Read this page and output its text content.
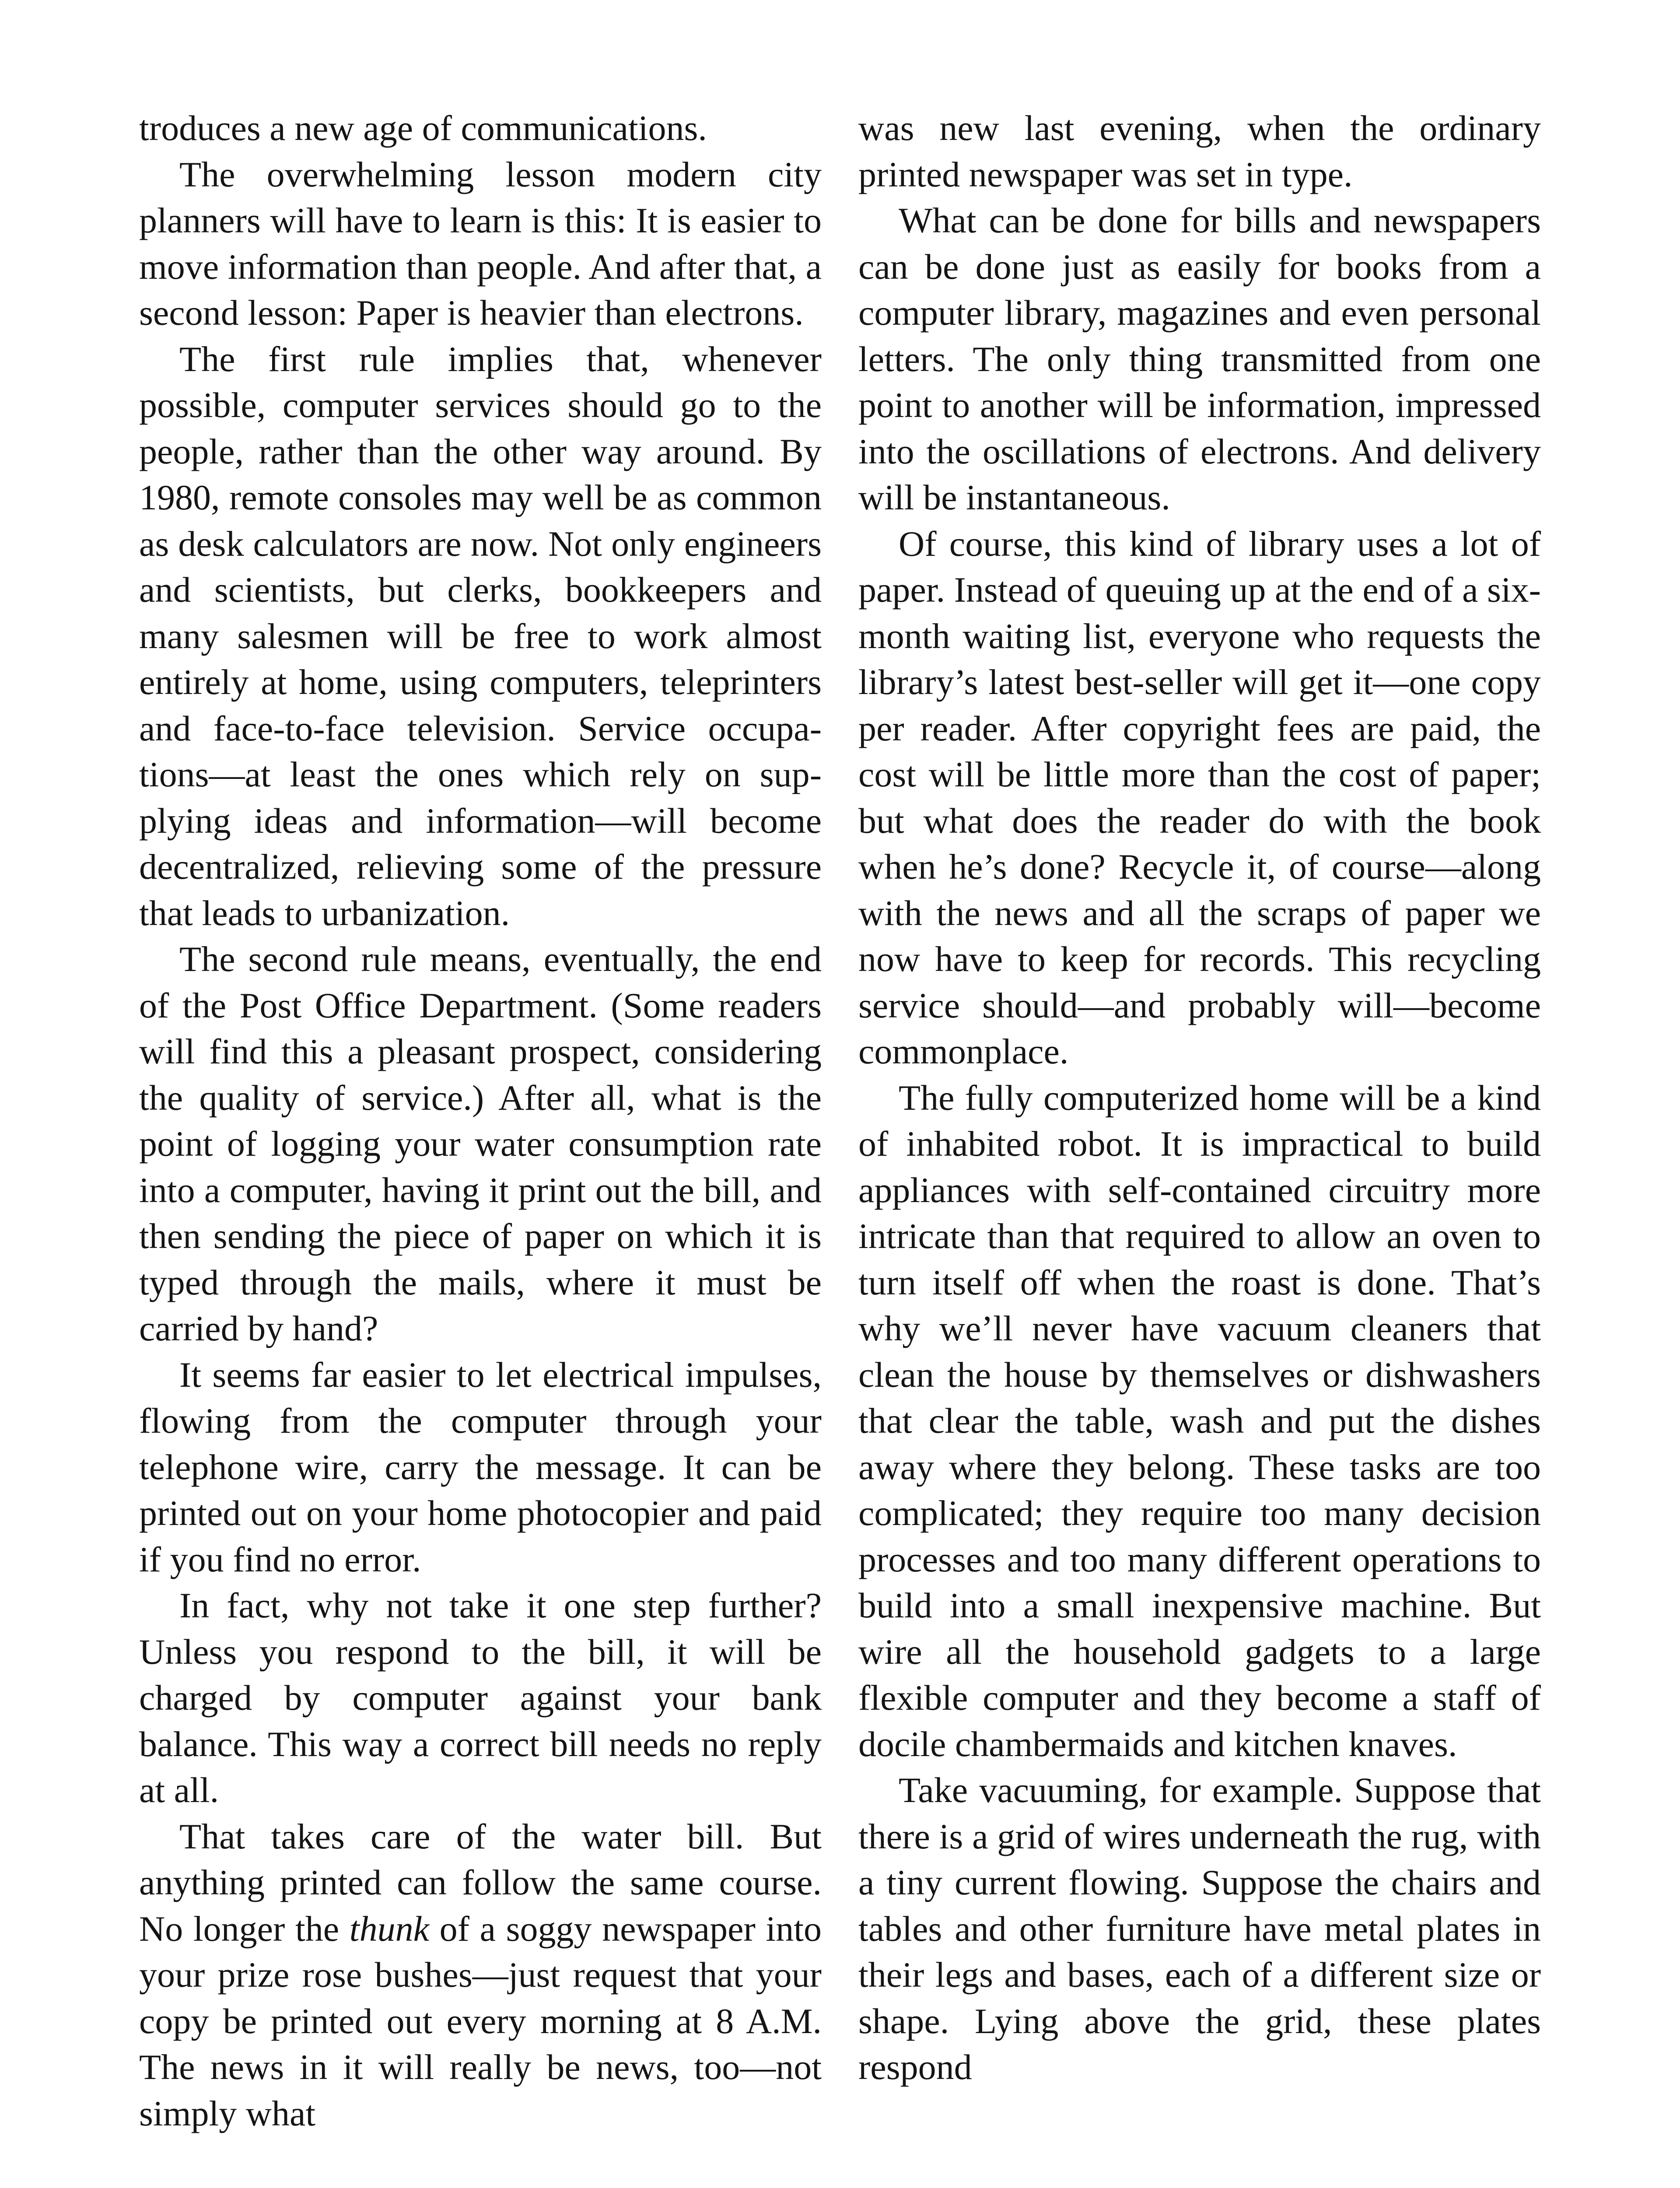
troduces a new age of communications.

The overwhelming lesson modern city planners will have to learn is this: It is easier to move information than people. And after that, a second lesson: Paper is heavier than electrons.

The first rule implies that, whenever possible, computer services should go to the people, rather than the other way around. By 1980, remote consoles may well be as common as desk calculators are now. Not only engineers and scientists, but clerks, bookkeepers and many salesmen will be free to work almost entirely at home, using computers, teleprinters and face-to-face television. Service occupations—at least the ones which rely on supplying ideas and information—will become decentralized, relieving some of the pressure that leads to urbanization.

The second rule means, eventually, the end of the Post Office Department. (Some readers will find this a pleasant prospect, considering the quality of service.) After all, what is the point of logging your water consumption rate into a computer, having it print out the bill, and then sending the piece of paper on which it is typed through the mails, where it must be carried by hand?

It seems far easier to let electrical impulses, flowing from the computer through your telephone wire, carry the message. It can be printed out on your home photocopier and paid if you find no error.

In fact, why not take it one step further? Unless you respond to the bill, it will be charged by computer against your bank balance. This way a correct bill needs no reply at all.

That takes care of the water bill. But anything printed can follow the same course. No longer the thunk of a soggy newspaper into your prize rose bushes—just request that your copy be printed out every morning at 8 A.M. The news in it will really be news, too—not simply what

was new last evening, when the ordinary printed newspaper was set in type.

What can be done for bills and newspapers can be done just as easily for books from a computer library, magazines and even personal letters. The only thing transmitted from one point to another will be information, impressed into the oscillations of electrons. And delivery will be instantaneous.

Of course, this kind of library uses a lot of paper. Instead of queuing up at the end of a six-month waiting list, everyone who requests the library’s latest best-seller will get it—one copy per reader. After copyright fees are paid, the cost will be little more than the cost of paper; but what does the reader do with the book when he’s done? Recycle it, of course—along with the news and all the scraps of paper we now have to keep for records. This recycling service should—and probably will—become commonplace.

The fully computerized home will be a kind of inhabited robot. It is impractical to build appliances with self-contained circuitry more intricate than that required to allow an oven to turn itself off when the roast is done. That’s why we’ll never have vacuum cleaners that clean the house by themselves or dishwashers that clear the table, wash and put the dishes away where they belong. These tasks are too complicated; they require too many decision processes and too many different operations to build into a small inexpensive machine. But wire all the household gadgets to a large flexible computer and they become a staff of docile chambermaids and kitchen knaves.

Take vacuuming, for example. Suppose that there is a grid of wires underneath the rug, with a tiny current flowing. Suppose the chairs and tables and other furniture have metal plates in their legs and bases, each of a different size or shape. Lying above the grid, these plates respond
